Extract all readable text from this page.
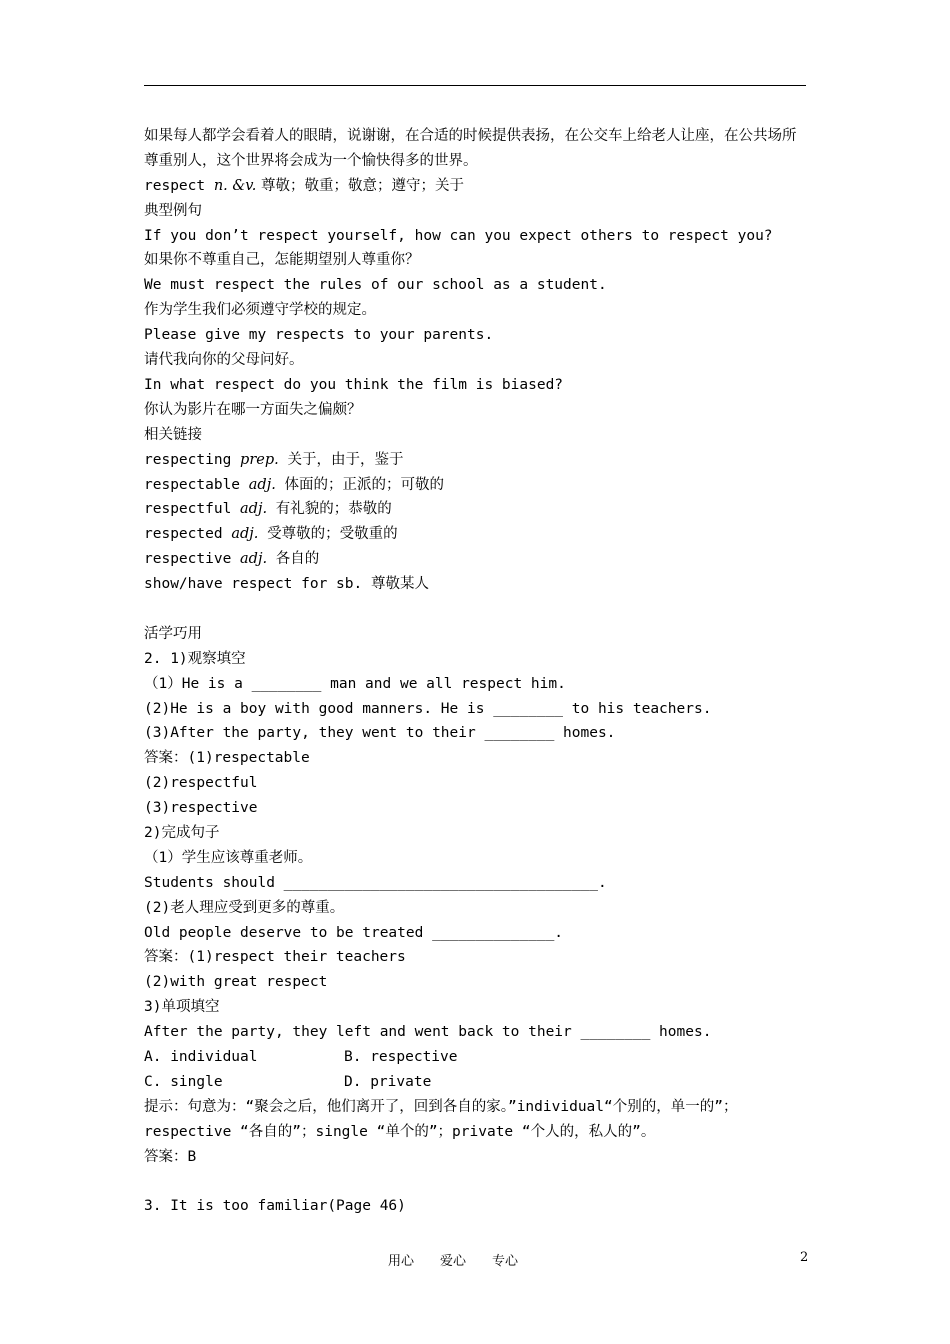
如果每人都学会看着人的眼睛，说谢谢，在合适的时候提供表扬，在公交车上给老人让座，在公共场所尊重别人，这个世界将会成为一个愉快得多的世界。
respect n. &v. 尊敬；敬重；敬意；遵守；关于
典型例句
If you don’t respect yourself, how can you expect others to respect you?
如果你不尊重自己，怎能期望别人尊重你？
We must respect the rules of our school as a student.
作为学生我们必须遵守学校的规定。
Please give my respects to your parents.
请代我向你的父母问好。
In what respect do you think the film is biased?
你认为影片在哪一方面失之偏颇？
相关链接
respecting prep. 关于，由于，鉴于
respectable adj. 体面的；正派的；可敬的
respectful adj. 有礼貌的；恭敬的
respected adj. 受尊敬的；受敬重的
respective adj. 各自的
show/have respect for sb. 尊敬某人
活学巧用
2. 1)观察填空
（1）He is a ________ man and we all respect him.
(2)He is a boy with good manners. He is ________ to his teachers.
(3)After the party, they went to their ________ homes.
答案：(1)respectable
(2)respectful
(3)respective
2)完成句子
（1）学生应该尊重老师。
Students should ____________________________________.
(2)老人理应受到更多的尊重。
Old people deserve to be treated ______________.
答案：(1)respect their teachers
(2)with great respect
3)单项填空
After the party, they left and went back to their ________ homes.
A. individual	B. respective
C. single	D. private
提示：句意为：“聚会之后，他们离开了，回到各自的家。”individual“个别的，单一的”；respective “各自的”；single “单个的”；private “个人的，私人的”。
答案：B
3. It is too familiar(Page 46)
用心　　爱心　　专心	2
